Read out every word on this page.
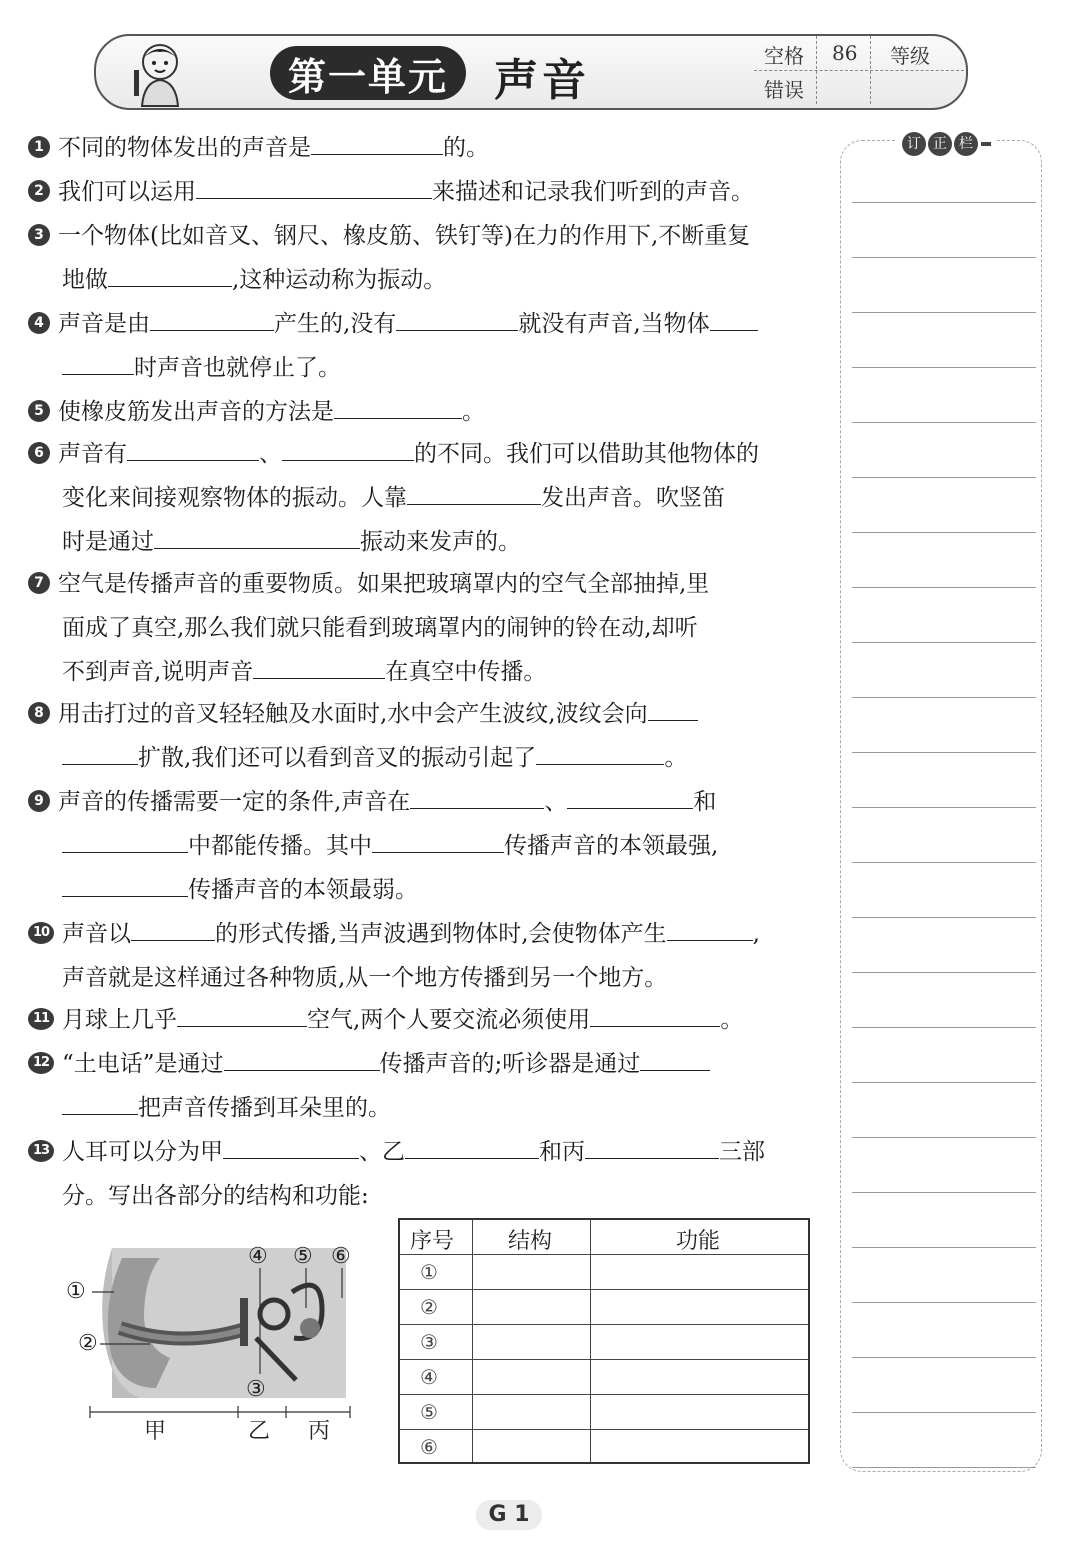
第一单元	声音	空格 86 等级
错误
1 不同的物体发出的声音是	的。
2 我们可以运用	来描述和记录我们听到的声音。
3 一个物体(比如音叉、钢尺、橡皮筋、铁钉等)在力的作用下,不断重复
地做	,这种运动称为振动。
4 声音是由	产生的,没有	就没有声音,当物体
时声音也就停止了。
5 使橡皮筋发出声音的方法是	。
6 声音有	、	的不同。我们可以借助其他物体的
变化来间接观察物体的振动。人靠	发出声音。吹竖笛
时是通过	振动来发声的。
7 空气是传播声音的重要物质。如果把玻璃罩内的空气全部抽掉,里
面成了真空,那么我们就只能看到玻璃罩内的闹钟的铃在动,却听
不到声音,说明声音	在真空中传播。
8 用击打过的音叉轻轻触及水面时,水中会产生波纹,波纹会向
扩散,我们还可以看到音叉的振动引起了	。
9 声音的传播需要一定的条件,声音在	、	和
中都能传播。其中	传播声音的本领最强,
传播声音的本领最弱。
10 声音以	的形式传播,当声波遇到物体时,会使物体产生	,
声音就是这样通过各种物质,从一个地方传播到另一个地方。
11 月球上几乎	空气,两个人要交流必须使用	。
12 “土电话”是通过	传播声音的;听诊器是通过
把声音传播到耳朵里的。
13 人耳可以分为甲	、乙	和丙	三部
分。写出各部分的结构和功能:
①
②
③
④ ⑤ ⑥
甲	乙 丙
序号 结构	功能
①
②
③
④
⑤
⑥
订 正 栏
G 1
